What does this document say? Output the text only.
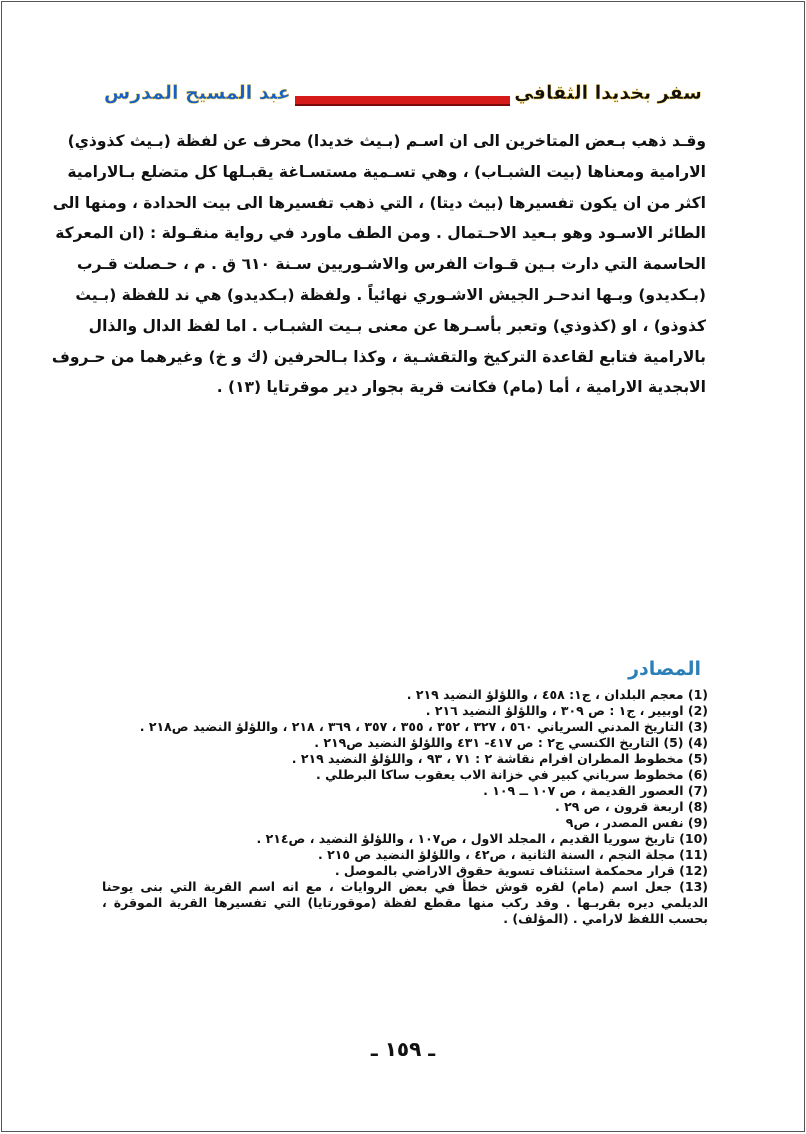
عبد المسيح المدرس	سفر بخديدا الثقافي
وقـد ذهب بـعض المتاخرين الى ان اسـم (بـيث خديدا) محرف عن لفظة (بـيث كذوذي)
الارامية ومعناها (بيت الشبـاب) ، وهي تسـمية مستسـاغة يقبـلها كل متضلع بـالارامية
اكثر من ان يكون تفسيرها (بيث ديتا) ، التي ذهب تفسيرها الى بيت الحدادة ، ومنها الى
الطائر الاسـود وهو بـعيد الاحـتمال . ومن الطف ماورد في رواية منقـولة : (ان المعركة
الحاسمة التي دارت بـين قـوات الفرس والاشـوريين سـنة ٦١٠ ق . م ، حـصلت قـرب
(بـكديدو) وبـها اندحـر الجيش الاشـوري نهائياً . ولفظة (بـكديدو) هي ند للفظة (بـيث
كذوذو) ، او (كذوذي) وتعبر بأسـرها عن معنى بـيت الشبـاب . اما لفظ الدال والذال
بالارامية فتابع لقاعدة التركيخ والتقشـية ، وكذا بـالحرفين (ك و خ) وغيرهما من حـروف
الابجدية الارامية ، أما (مام) فكانت قرية بجوار دير موقرتايا (١٣) .
المصادر
(1) معجم البلدان ، ج١: ٤٥٨ ، واللؤلؤ النضيد ٢١٩ .
(2) اوبيير ، ج١ : ص ٣٠٩ ، واللؤلؤ النضيد ٢١٦ .
(3) التاريخ المدني السرياني ٥٦٠ ، ٣٢٧ ، ٣٥٢ ، ٣٥٥ ، ٣٥٧ ، ٣٦٩ ، ٢١٨ ، واللؤلؤ النضيد ص٢١٨ .
(4) (5) التاريخ الكنسي ج٢ : ص ٤١٧- ٤٣١ واللؤلؤ النضيد ص٢١٩ .
(5) مخطوط المطران افرام نقاشة ٢ : ٧١ ، ٩٣ ، واللؤلؤ النضيد ٢١٩ .
(6) مخطوط سرياني كبير في خزانة الاب يعقوب ساكا البرطلي .
(7) العصور القديمة ، ص ١٠٧ ــ ١٠٩ .
(8) اربعة قرون ، ص ٢٩ .
(9) نفس المصدر ، ص٩
(10) تاريخ سوريا القديم ، المجلد الاول ، ص١٠٧ ، واللؤلؤ النضيد ، ص٢١٤ .
(11) مجلة النجم ، السنة الثانية ، ص٤٢ ، واللؤلؤ النضيد ص ٢١٥ .
(12) قرار محمكمة استئناف تسوية حقوق الاراضي بالموصل .
(13) جعل اسم (مام) لقره قوش خطأ في بعض الروايات ، مع انه اسم القرية التي بنى يوحنا الديلمي ديره بقربـها . وقد ركب منها مقطع لفظة (موقورتايا) التي تفسيرها القرية الموقرة ، بحسب اللفظ لارامي . (المؤلف) .
ـ ١٥٩ ـ
